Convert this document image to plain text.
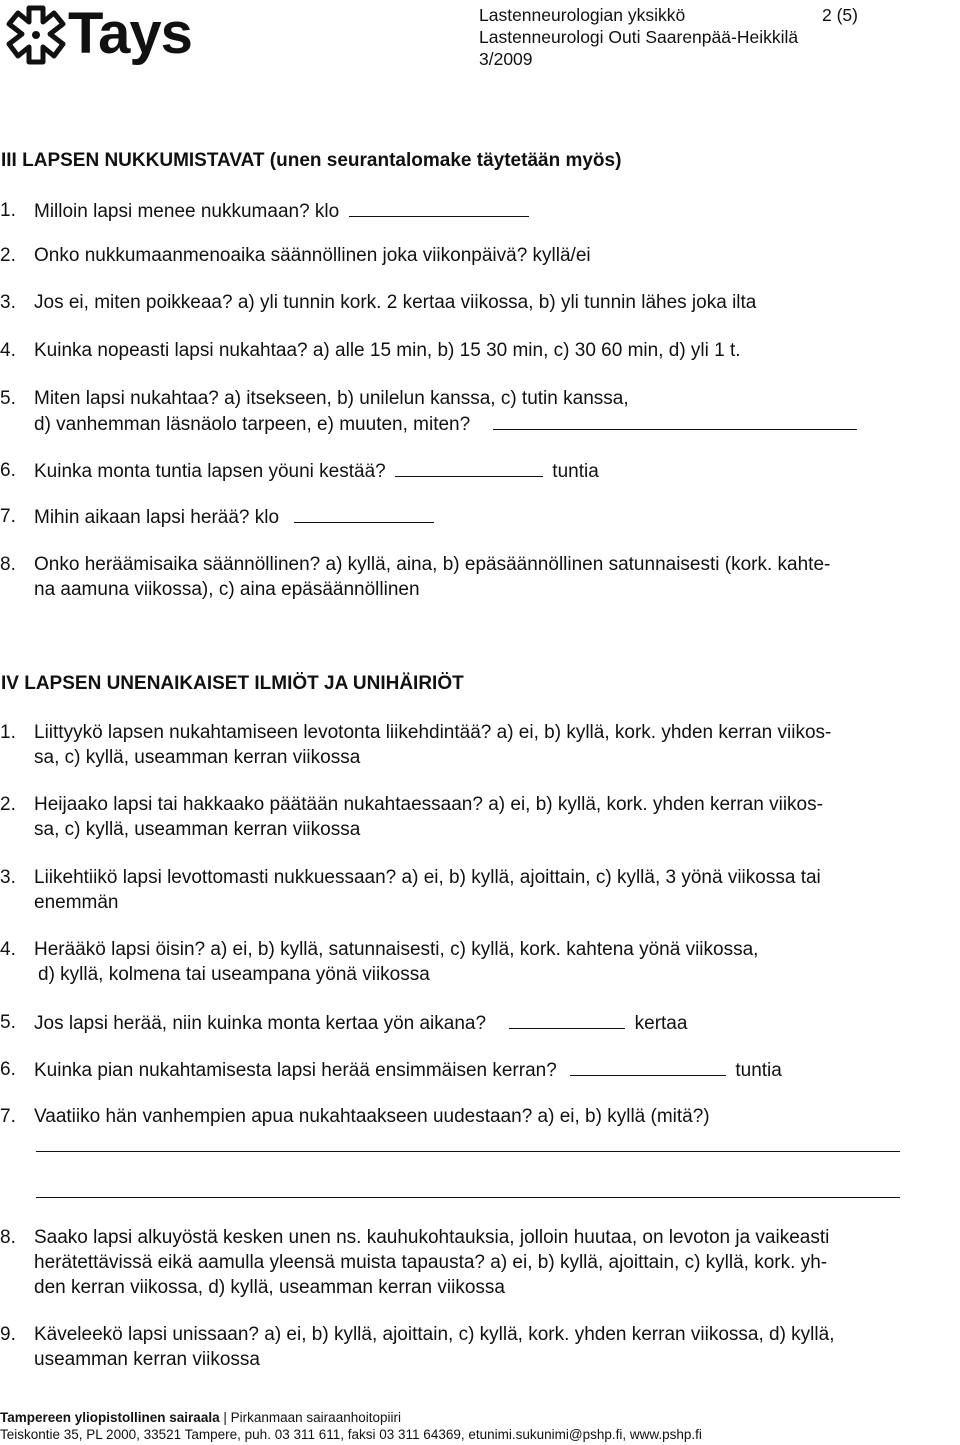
Tays	Lastenneurologian yksikkö	2 (5)
Lastenneurologi Outi Saarenpää-Heikkilä
3/2009
III LAPSEN NUKKUMISTAVAT (unen seurantalomake täytetään myös)
1. Milloin lapsi menee nukkumaan? klo
2. Onko nukkumaanmenoaika säännöllinen joka viikonpäivä? kyllä/ei
3. Jos ei, miten poikkeaa? a) yli tunnin kork. 2 kertaa viikossa, b) yli tunnin lähes joka ilta
4. Kuinka nopeasti lapsi nukahtaa? a) alle 15 min, b) 15 30 min, c) 30 60 min, d) yli 1 t.
5. Miten lapsi nukahtaa? a) itsekseen, b) unilelun kanssa, c) tutin kanssa,
d) vanhemman läsnäolo tarpeen, e) muuten, miten?
6. Kuinka monta tuntia lapsen yöuni kestää?	tuntia
7. Mihin aikaan lapsi herää? klo
8. Onko heräämisaika säännöllinen? a) kyllä, aina, b) epäsäännöllinen satunnaisesti (kork. kahte-
na aamuna viikossa), c) aina epäsäännöllinen
IV LAPSEN UNENAIKAISET ILMIÖT JA UNIHÄIRIÖT
1. Liittyykö lapsen nukahtamiseen levotonta liikehdintää? a) ei, b) kyllä, kork. yhden kerran viikos-
sa, c) kyllä, useamman kerran viikossa
2. Heijaako lapsi tai hakkaako päätään nukahtaessaan? a) ei, b) kyllä, kork. yhden kerran viikos-
sa, c) kyllä, useamman kerran viikossa
3. Liikehtiikö lapsi levottomasti nukkuessaan? a) ei, b) kyllä, ajoittain, c) kyllä, 3 yönä viikossa tai
enemmän
4. Herääkö lapsi öisin? a) ei, b) kyllä, satunnaisesti, c) kyllä, kork. kahtena yönä viikossa,
d) kyllä, kolmena tai useampana yönä viikossa
5. Jos lapsi herää, niin kuinka monta kertaa yön aikana?	kertaa
6. Kuinka pian nukahtamisesta lapsi herää ensimmäisen kerran?	tuntia
7. Vaatiiko hän vanhempien apua nukahtaakseen uudestaan? a) ei, b) kyllä (mitä?)
8. Saako lapsi alkuyöstä kesken unen ns. kauhukohtauksia, jolloin huutaa, on levoton ja vaikeasti
herätettävissä eikä aamulla yleensä muista tapausta? a) ei, b) kyllä, ajoittain, c) kyllä, kork. yh-
den kerran viikossa, d) kyllä, useamman kerran viikossa
9. Käveleekö lapsi unissaan? a) ei, b) kyllä, ajoittain, c) kyllä, kork. yhden kerran viikossa, d) kyllä,
useamman kerran viikossa
Tampereen yliopistollinen sairaala | Pirkanmaan sairaanhoitopiiri
Teiskontie 35, PL 2000, 33521 Tampere, puh. 03 311 611, faksi 03 311 64369, etunimi.sukunimi@pshp.fi, www.pshp.fi
